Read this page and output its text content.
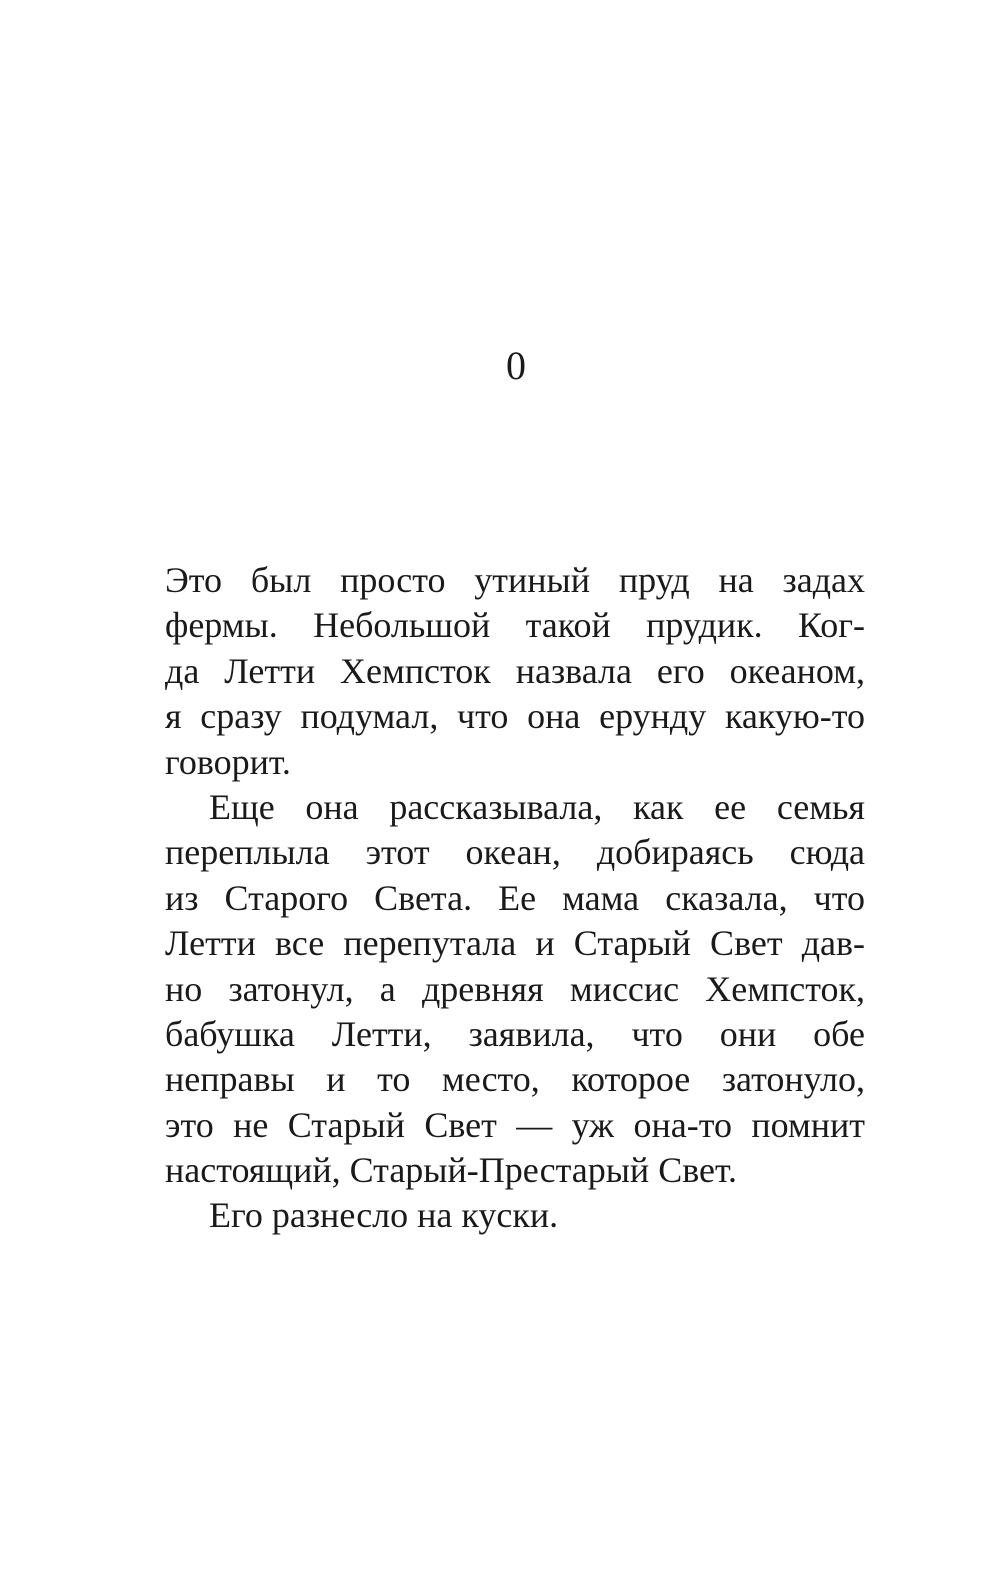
0
Это был просто утиный пруд на задах
фермы. Небольшой такой прудик. Ког-
да Летти Хемпсток назвала его океаном,
я сразу подумал, что она ерунду какую-то
говорит.
Еще она рассказывала, как ее семья
переплыла этот океан, добираясь сюда
из Старого Света. Ее мама сказала, что
Летти все перепутала и Старый Свет дав-
но затонул, а древняя миссис Хемпсток,
бабушка Летти, заявила, что они обе
неправы и то место, которое затонуло,
это не Старый Свет — уж она-то помнит
настоящий, Старый-Престарый Свет.
Его разнесло на куски.
